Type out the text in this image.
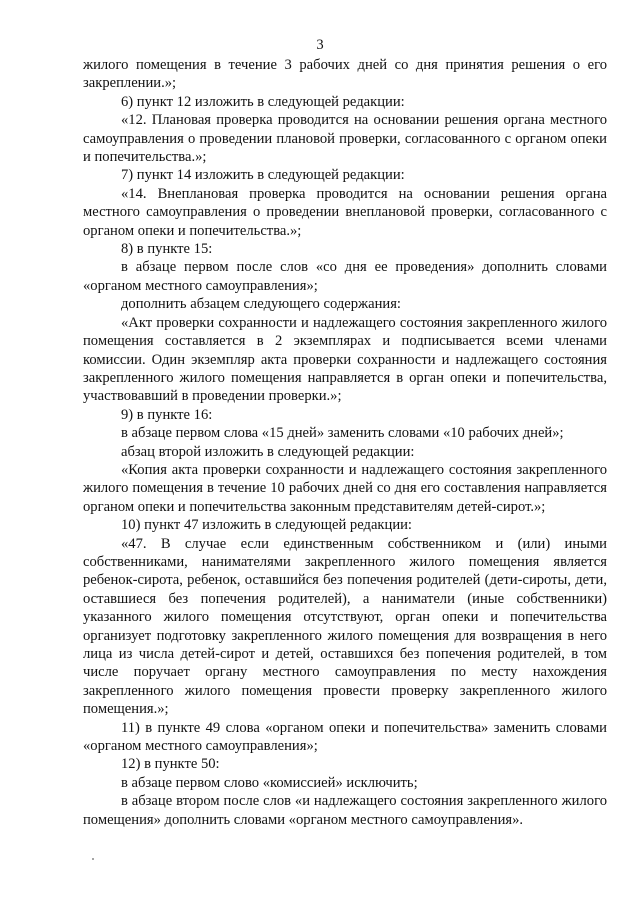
3

жилого помещения в течение 3 рабочих дней со дня принятия решения о его закреплении.»;

6) пункт 12 изложить в следующей редакции:

«12. Плановая проверка проводится на основании решения органа местного самоуправления о проведении плановой проверки, согласованного с органом опеки и попечительства.»;

7) пункт 14 изложить в следующей редакции:

«14. Внеплановая проверка проводится на основании решения органа местного самоуправления о проведении внеплановой проверки, согласованного с органом опеки и попечительства.»;

8) в пункте 15:

в абзаце первом после слов «со дня ее проведения» дополнить словами «органом местного самоуправления»;

дополнить абзацем следующего содержания:

«Акт проверки сохранности и надлежащего состояния закрепленного жилого помещения составляется в 2 экземплярах и подписывается всеми членами комиссии. Один экземпляр акта проверки сохранности и надлежащего состояния закрепленного жилого помещения направляется в орган опеки и попечительства, участвовавший в проведении проверки.»;

9) в пункте 16:

в абзаце первом слова «15 дней» заменить словами «10 рабочих дней»;

абзац второй изложить в следующей редакции:

«Копия акта проверки сохранности и надлежащего состояния закрепленного жилого помещения в течение 10 рабочих дней со дня его составления направляется органом опеки и попечительства законным представителям детей-сирот.»;

10) пункт 47 изложить в следующей редакции:

«47. В случае если единственным собственником и (или) иными собственниками, нанимателями закрепленного жилого помещения является ребенок-сирота, ребенок, оставшийся без попечения родителей (дети-сироты, дети, оставшиеся без попечения родителей), а наниматели (иные собственники) указанного жилого помещения отсутствуют, орган опеки и попечительства организует подготовку закрепленного жилого помещения для возвращения в него лица из числа детей-сирот и детей, оставшихся без попечения родителей, в том числе поручает органу местного самоуправления по месту нахождения закрепленного жилого помещения провести проверку закрепленного жилого помещения.»;

11) в пункте 49 слова «органом опеки и попечительства» заменить словами «органом местного самоуправления»;

12) в пункте 50:

в абзаце первом слово «комиссией» исключить;

в абзаце втором после слов «и надлежащего состояния закрепленного жилого помещения» дополнить словами «органом местного самоуправления».
